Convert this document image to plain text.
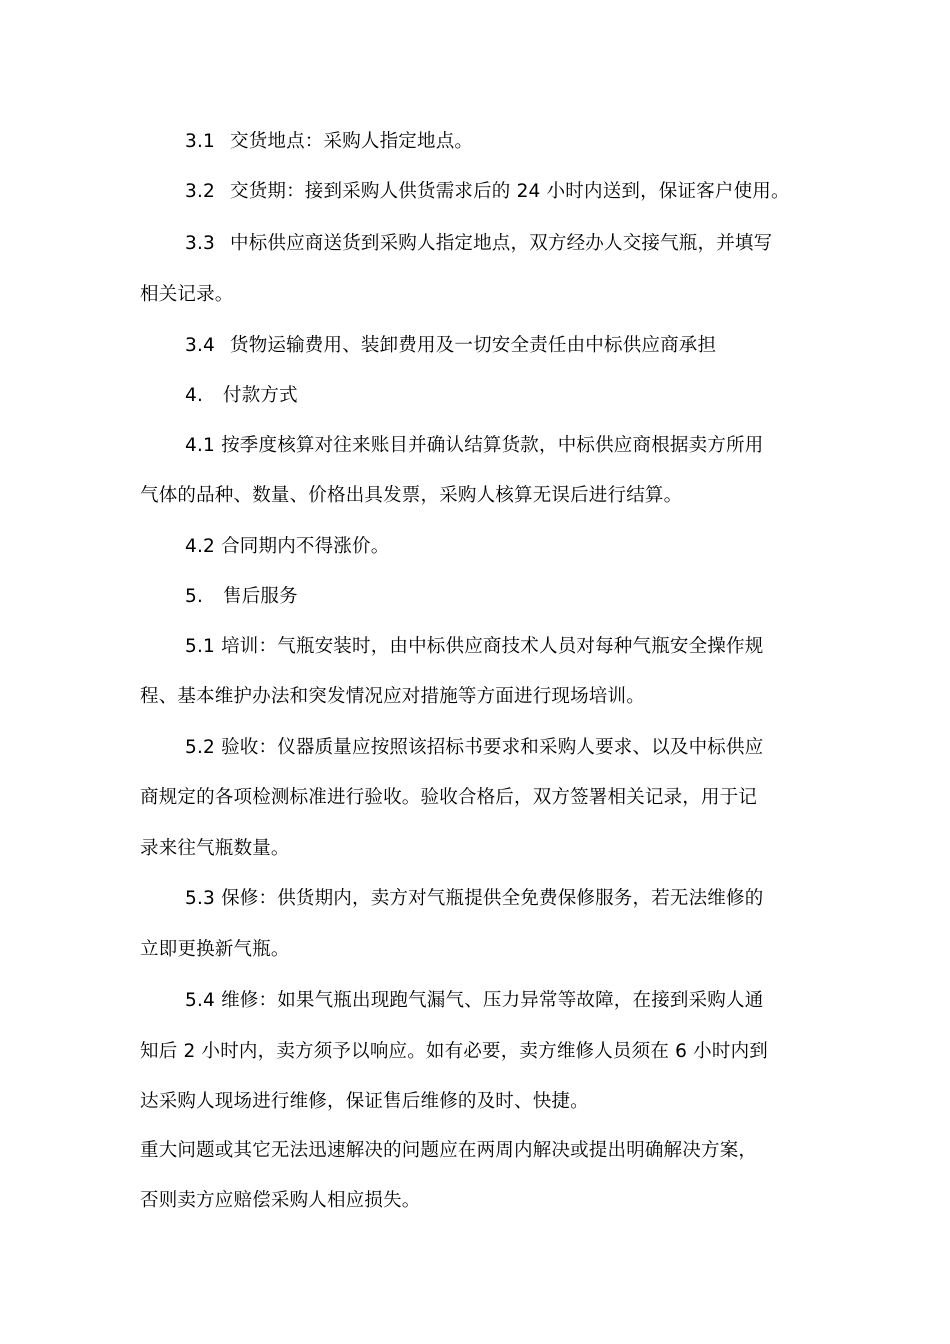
3.1 交货地点：采购人指定地点。
3.2 交货期：接到采购人供货需求后的 24 小时内送到，保证客户使用。
3.3 中标供应商送货到采购人指定地点，双方经办人交接气瓶，并填写
相关记录。
3.4 货物运输费用、装卸费用及一切安全责任由中标供应商承担
4. 付款方式
4.1 按季度核算对往来账目并确认结算货款，中标供应商根据卖方所用
气体的品种、数量、价格出具发票，采购人核算无误后进行结算。
4.2 合同期内不得涨价。
5. 售后服务
5.1 培训：气瓶安装时，由中标供应商技术人员对每种气瓶安全操作规
程、基本维护办法和突发情况应对措施等方面进行现场培训。
5.2 验收：仪器质量应按照该招标书要求和采购人要求、以及中标供应
商规定的各项检测标准进行验收。验收合格后，双方签署相关记录，用于记
录来往气瓶数量。
5.3 保修：供货期内，卖方对气瓶提供全免费保修服务，若无法维修的
立即更换新气瓶。
5.4 维修：如果气瓶出现跑气漏气、压力异常等故障，在接到采购人通
知后 2 小时内，卖方须予以响应。如有必要，卖方维修人员须在 6 小时内到
达采购人现场进行维修，保证售后维修的及时、快捷。
重大问题或其它无法迅速解决的问题应在两周内解决或提出明确解决方案，
否则卖方应赔偿采购人相应损失。
